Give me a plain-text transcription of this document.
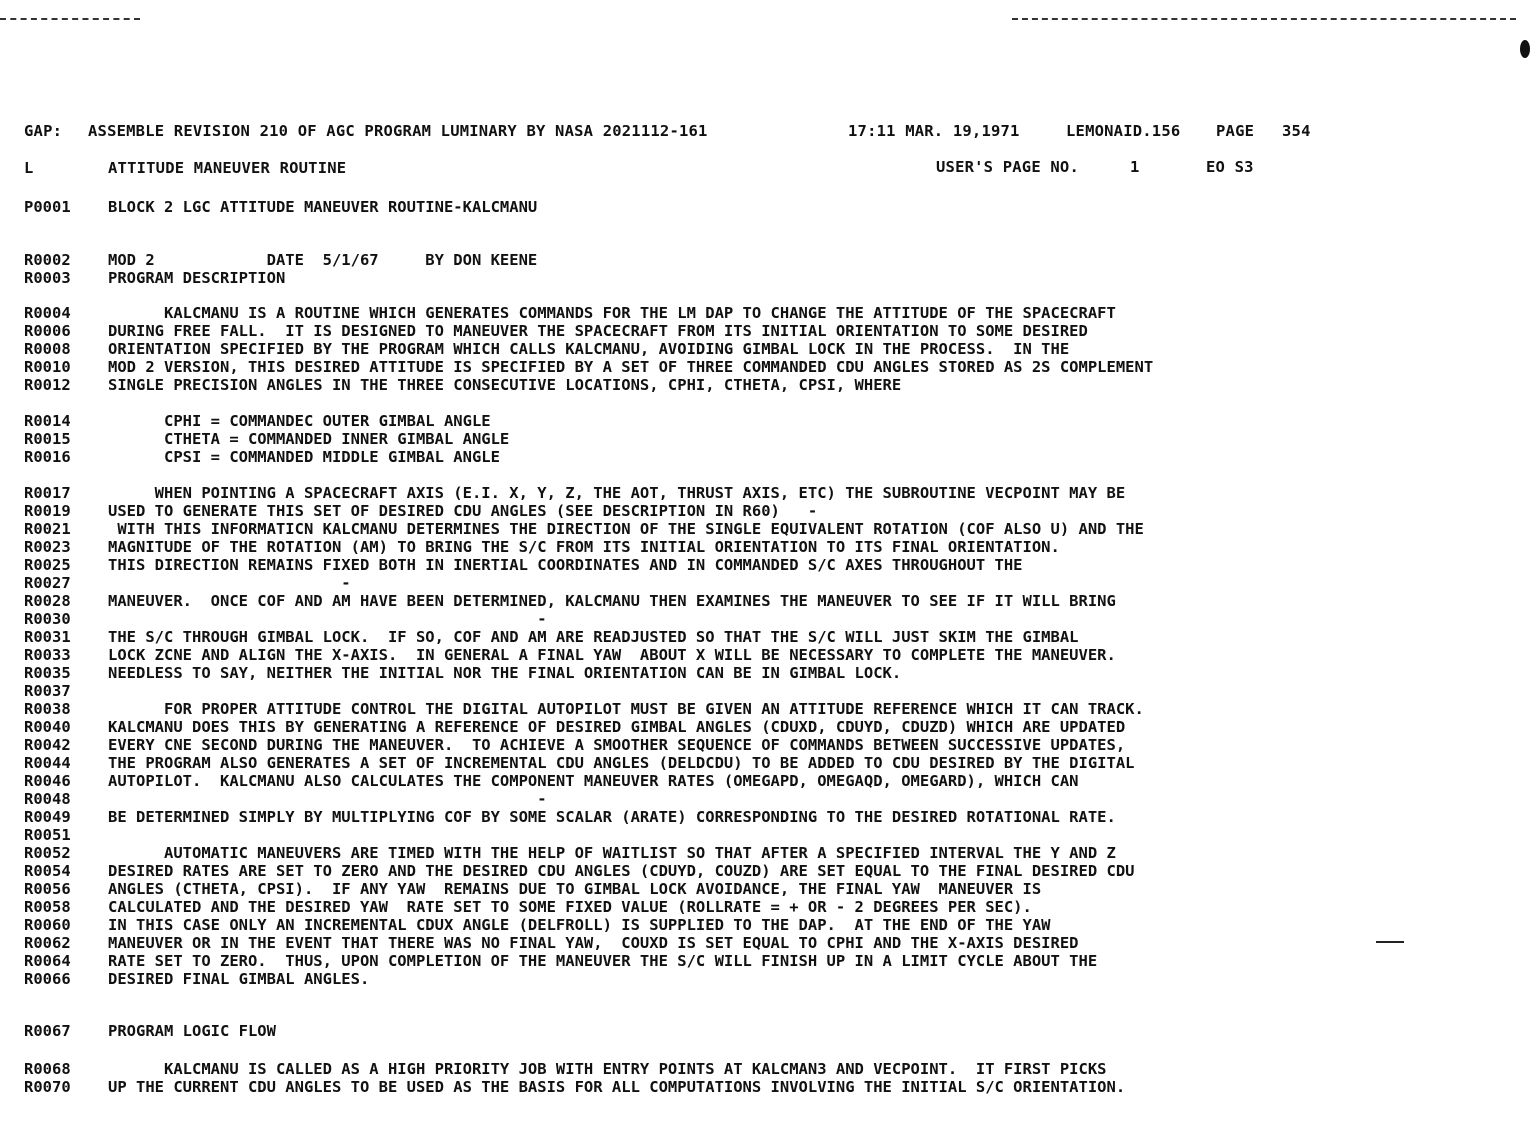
GAP: ASSEMBLE REVISION 210 OF AGC PROGRAM LUMINARY BY NASA 2021112-161	17:11 MAR. 19,1971	LEMONAID.156 PAGE 354
L	ATTITUDE MANEUVER ROUTINE	USER'S PAGE NO.	1	EO S3
P0001 BLOCK 2 LGC ATTITUDE MANEUVER ROUTINE-KALCMANU
R0002 MOD 2            DATE  5/1/67     BY DON KEENE
R0003 PROGRAM DESCRIPTION
R0004 KALCMANU IS A ROUTINE WHICH GENERATES COMMANDS FOR THE LM DAP TO CHANGE THE ATTITUDE OF THE SPACECRAFT
R0006 DURING FREE FALL.  IT IS DESIGNED TO MANEUVER THE SPACECRAFT FROM ITS INITIAL ORIENTATION TO SOME DESIRED
R0008 ORIENTATION SPECIFIED BY THE PROGRAM WHICH CALLS KALCMANU, AVOIDING GIMBAL LOCK IN THE PROCESS.  IN THE
R0010 MOD 2 VERSION, THIS DESIRED ATTITUDE IS SPECIFIED BY A SET OF THREE COMMANDED CDU ANGLES STORED AS 2S COMPLEMENT
R0012 SINGLE PRECISION ANGLES IN THE THREE CONSECUTIVE LOCATIONS, CPHI, CTHETA, CPSI, WHERE
R0014 CPHI = COMMANDEC OUTER GIMBAL ANGLE
R0015 CTHETA = COMMANDED INNER GIMBAL ANGLE
R0016 CPSI = COMMANDED MIDDLE GIMBAL ANGLE
R0017 WHEN POINTING A SPACECRAFT AXIS (E.I. X, Y, Z, THE AOT, THRUST AXIS, ETC) THE SUBROUTINE VECPOINT MAY BE
R0019 USED TO GENERATE THIS SET OF DESIRED CDU ANGLES (SEE DESCRIPTION IN R60)   -
R0021 WITH THIS INFORMATICN KALCMANU DETERMINES THE DIRECTION OF THE SINGLE EQUIVALENT ROTATION (COF ALSO U) AND THE
R0023 MAGNITUDE OF THE ROTATION (AM) TO BRING THE S/C FROM ITS INITIAL ORIENTATION TO ITS FINAL ORIENTATION.
R0025 THIS DIRECTION REMAINS FIXED BOTH IN INERTIAL COORDINATES AND IN COMMANDED S/C AXES THROUGHOUT THE
R0027 -
R0028 MANEUVER.  ONCE COF AND AM HAVE BEEN DETERMINED, KALCMANU THEN EXAMINES THE MANEUVER TO SEE IF IT WILL BRING
R0030 -
R0031 THE S/C THROUGH GIMBAL LOCK.  IF SO, COF AND AM ARE READJUSTED SO THAT THE S/C WILL JUST SKIM THE GIMBAL
R0033 LOCK ZCNE AND ALIGN THE X-AXIS.  IN GENERAL A FINAL YAW  ABOUT X WILL BE NECESSARY TO COMPLETE THE MANEUVER.
R0035 NEEDLESS TO SAY, NEITHER THE INITIAL NOR THE FINAL ORIENTATION CAN BE IN GIMBAL LOCK.
R0037
R0038 FOR PROPER ATTITUDE CONTROL THE DIGITAL AUTOPILOT MUST BE GIVEN AN ATTITUDE REFERENCE WHICH IT CAN TRACK.
R0040 KALCMANU DOES THIS BY GENERATING A REFERENCE OF DESIRED GIMBAL ANGLES (CDUXD, CDUYD, CDUZD) WHICH ARE UPDATED
R0042 EVERY CNE SECOND DURING THE MANEUVER.  TO ACHIEVE A SMOOTHER SEQUENCE OF COMMANDS BETWEEN SUCCESSIVE UPDATES,
R0044 THE PROGRAM ALSO GENERATES A SET OF INCREMENTAL CDU ANGLES (DELDCDU) TO BE ADDED TO CDU DESIRED BY THE DIGITAL
R0046 AUTOPILOT.  KALCMANU ALSO CALCULATES THE COMPONENT MANEUVER RATES (OMEGAPD, OMEGAQD, OMEGARD), WHICH CAN
R0048 -
R0049 BE DETERMINED SIMPLY BY MULTIPLYING COF BY SOME SCALAR (ARATE) CORRESPONDING TO THE DESIRED ROTATIONAL RATE.
R0051
R0052 AUTOMATIC MANEUVERS ARE TIMED WITH THE HELP OF WAITLIST SO THAT AFTER A SPECIFIED INTERVAL THE Y AND Z
R0054 DESIRED RATES ARE SET TO ZERO AND THE DESIRED CDU ANGLES (CDUYD, COUZD) ARE SET EQUAL TO THE FINAL DESIRED CDU
R0056 ANGLES (CTHETA, CPSI).  IF ANY YAW  REMAINS DUE TO GIMBAL LOCK AVOIDANCE, THE FINAL YAW  MANEUVER IS
R0058 CALCULATED AND THE DESIRED YAW  RATE SET TO SOME FIXED VALUE (ROLLRATE = + OR - 2 DEGREES PER SEC).
R0060 IN THIS CASE ONLY AN INCREMENTAL CDUX ANGLE (DELFROLL) IS SUPPLIED TO THE DAP.  AT THE END OF THE YAW
R0062 MANEUVER OR IN THE EVENT THAT THERE WAS NO FINAL YAW,  COUXD IS SET EQUAL TO CPHI AND THE X-AXIS DESIRED
R0064 RATE SET TO ZERO.  THUS, UPON COMPLETION OF THE MANEUVER THE S/C WILL FINISH UP IN A LIMIT CYCLE ABOUT THE
R0066 DESIRED FINAL GIMBAL ANGLES.
R0067 PROGRAM LOGIC FLOW
R0068 KALCMANU IS CALLED AS A HIGH PRIORITY JOB WITH ENTRY POINTS AT KALCMAN3 AND VECPOINT.  IT FIRST PICKS
R0070 UP THE CURRENT CDU ANGLES TO BE USED AS THE BASIS FOR ALL COMPUTATIONS INVOLVING THE INITIAL S/C ORIENTATION.
